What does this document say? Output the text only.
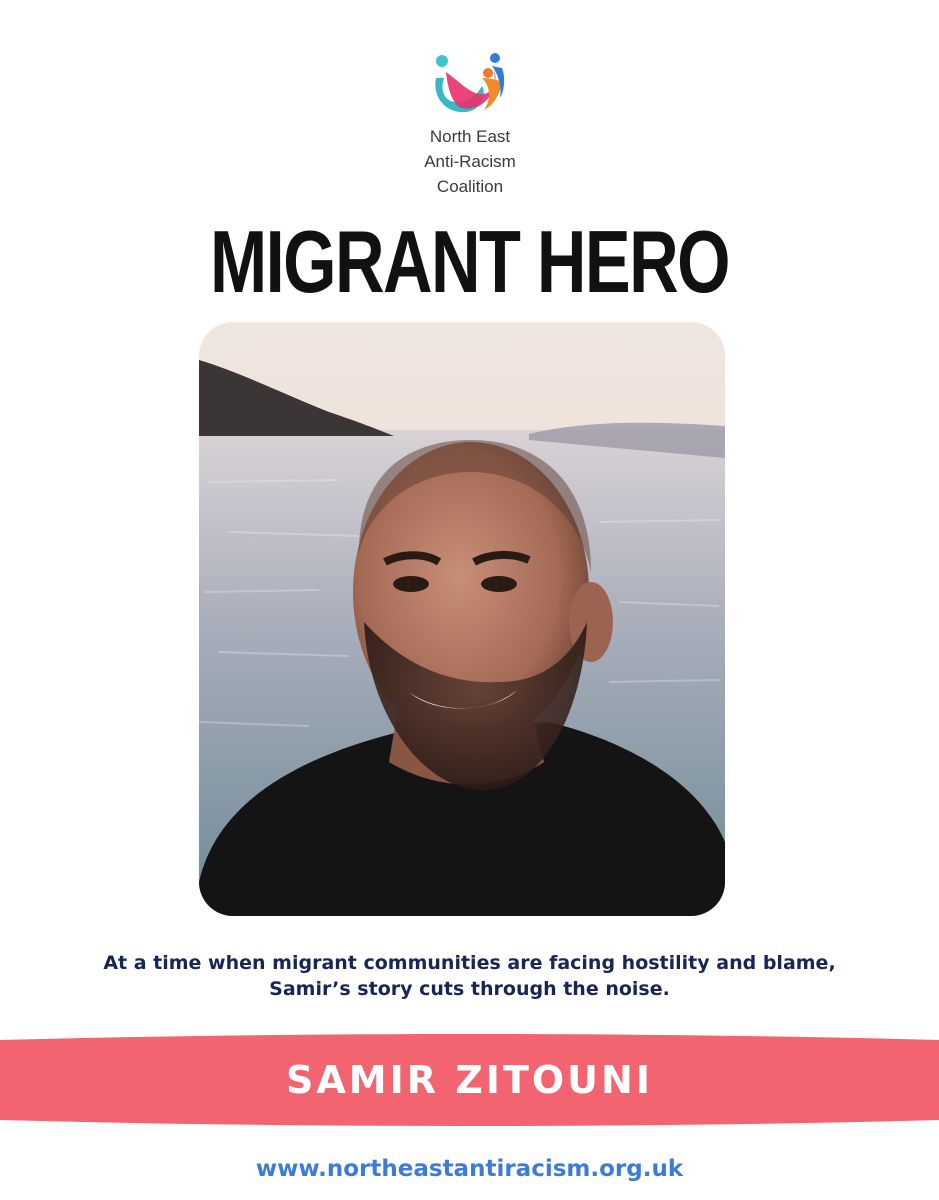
North East
Anti-Racism
Coalition
MIGRANT HERO
At a time when migrant communities are facing hostility and blame, Samir’s story cuts through the noise.
SAMIR ZITOUNI
www.northeastantiracism.org.uk
